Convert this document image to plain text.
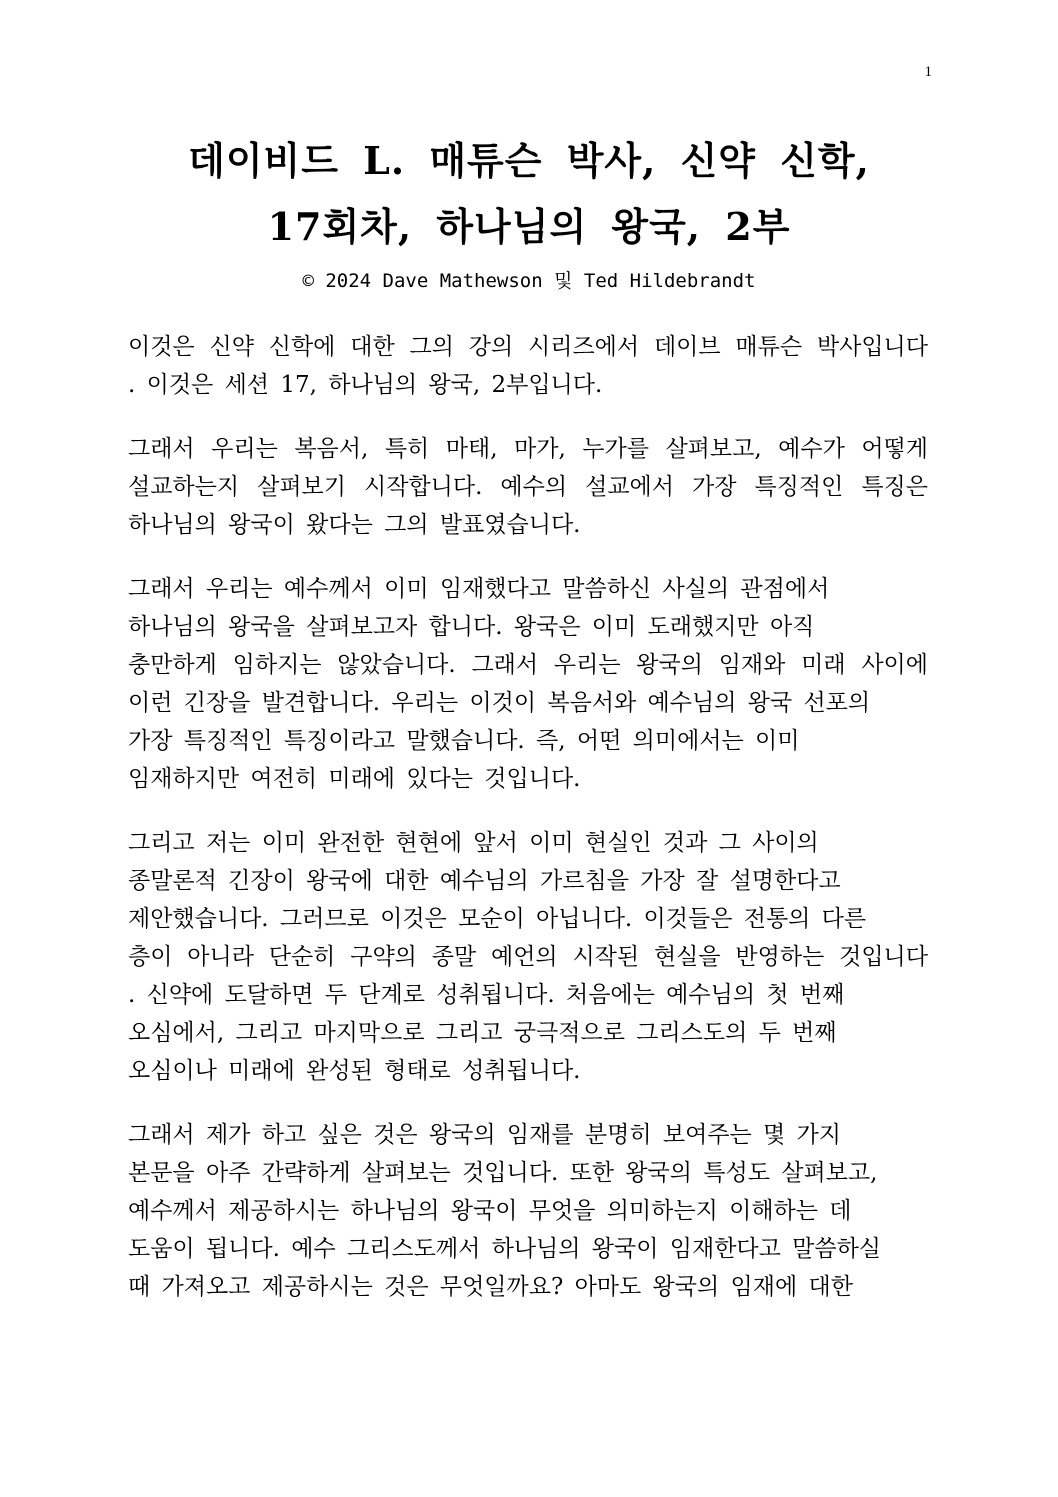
1
데이비드 L. 매튜슨 박사, 신약 신학,
17회차, 하나님의 왕국, 2부
© 2024 Dave Mathewson 및 Ted Hildebrandt
이것은 신약 신학에 대한 그의 강의 시리즈에서 데이브 매튜슨 박사입니다
. 이것은 세션 17, 하나님의 왕국, 2부입니다.
그래서 우리는 복음서, 특히 마태, 마가, 누가를 살펴보고, 예수가 어떻게
설교하는지 살펴보기 시작합니다. 예수의 설교에서 가장 특징적인 특징은
하나님의 왕국이 왔다는 그의 발표였습니다.
그래서 우리는 예수께서 이미 임재했다고 말씀하신 사실의 관점에서
하나님의 왕국을 살펴보고자 합니다. 왕국은 이미 도래했지만 아직
충만하게 임하지는 않았습니다. 그래서 우리는 왕국의 임재와 미래 사이에
이런 긴장을 발견합니다. 우리는 이것이 복음서와 예수님의 왕국 선포의
가장 특징적인 특징이라고 말했습니다. 즉, 어떤 의미에서는 이미
임재하지만 여전히 미래에 있다는 것입니다.
그리고 저는 이미 완전한 현현에 앞서 이미 현실인 것과 그 사이의
종말론적 긴장이 왕국에 대한 예수님의 가르침을 가장 잘 설명한다고
제안했습니다. 그러므로 이것은 모순이 아닙니다. 이것들은 전통의 다른
층이 아니라 단순히 구약의 종말 예언의 시작된 현실을 반영하는 것입니다
. 신약에 도달하면 두 단계로 성취됩니다. 처음에는 예수님의 첫 번째
오심에서, 그리고 마지막으로 그리고 궁극적으로 그리스도의 두 번째
오심이나 미래에 완성된 형태로 성취됩니다.
그래서 제가 하고 싶은 것은 왕국의 임재를 분명히 보여주는 몇 가지
본문을 아주 간략하게 살펴보는 것입니다. 또한 왕국의 특성도 살펴보고,
예수께서 제공하시는 하나님의 왕국이 무엇을 의미하는지 이해하는 데
도움이 됩니다. 예수 그리스도께서 하나님의 왕국이 임재한다고 말씀하실
때 가져오고 제공하시는 것은 무엇일까요? 아마도 왕국의 임재에 대한
